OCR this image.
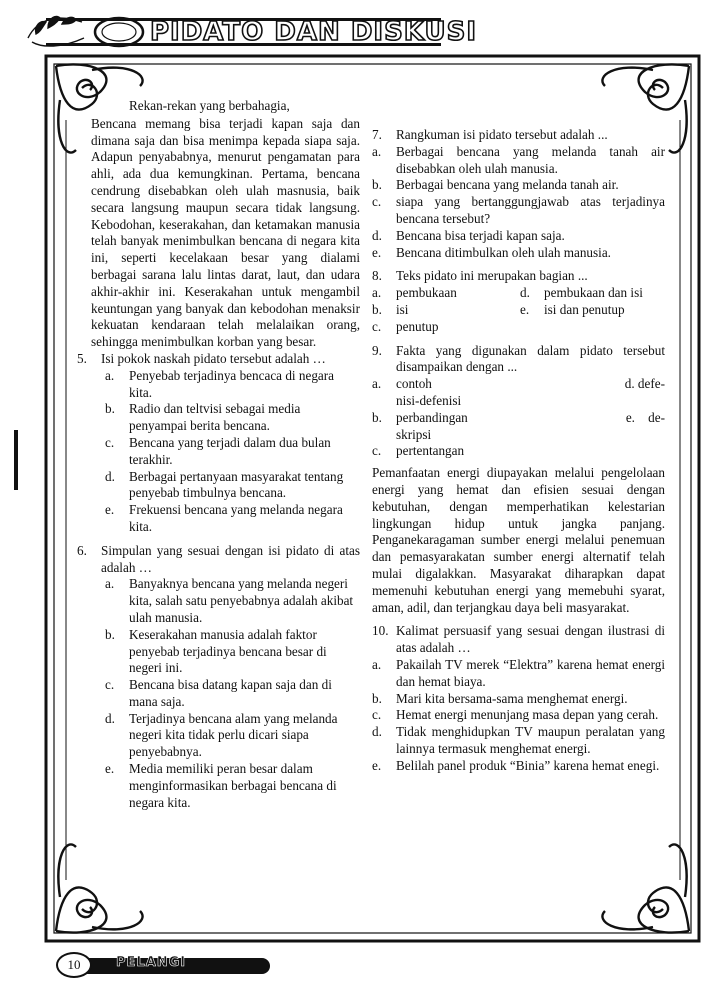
PIDATO DAN DISKUSI
Rekan-rekan yang berbahagia,
Bencana memang bisa terjadi kapan saja dan dimana saja dan bisa menimpa kepada siapa saja. Adapun penyababnya, menurut pengamatan para ahli, ada dua kemungkinan. Pertama, bencana cendrung disebabkan oleh ulah masnusia, baik secara langsung maupun secara tidak langsung. Kebodohan, keserakahan, dan ketamakan manusia telah banyak menimbulkan bencana di negara kita ini, seperti kecelakaan besar yang dialami berbagai sarana lalu lintas darat, laut, dan udara akhir-akhir ini. Keserakahan untuk mengambil keuntungan yang banyak dan kebodohan menaksir kekuatan kendaraan telah melalaikan orang, sehingga menimbulkan korban yang besar.
5. Isi pokok naskah pidato tersebut adalah …
a. Penyebab terjadinya bencaca di negara kita.
b. Radio dan teltvisi sebagai media penyampai berita bencana.
c. Bencana yang terjadi dalam dua bulan terakhir.
d. Berbagai pertanyaan masyarakat tentang penyebab timbulnya bencana.
e. Frekuensi bencana yang melanda negara kita.
6. Simpulan yang sesuai dengan isi pidato di atas adalah …
a. Banyaknya bencana yang melanda negeri kita, salah satu penyebabnya adalah akibat ulah manusia.
b. Keserakahan manusia adalah faktor penyebab terjadinya bencana besar di negeri ini.
c. Bencana bisa datang kapan saja dan di mana saja.
d. Terjadinya bencana alam yang melanda negeri kita tidak perlu dicari siapa penyebabnya.
e. Media memiliki peran besar dalam menginformasikan berbagai bencana di negara kita.
7. Rangkuman isi pidato tersebut adalah ...
a. Berbagai bencana yang melanda tanah air disebabkan oleh ulah manusia.
b. Berbagai bencana yang melanda tanah air.
c. siapa yang bertanggungjawab atas terjadinya bencana tersebut?
d. Bencana bisa terjadi kapan saja.
e. Bencana ditimbulkan oleh ulah manusia.
8. Teks pidato ini merupakan bagian ...
a. pembukaan	d. pembukaan dan isi
b. isi	e. isi dan penutup
c. penutup
9. Fakta yang digunakan dalam pidato tersebut disampaikan dengan ...
a. contoh	d. defe-
nisi-defenisi
b. perbandingan	e. de-
skripsi
c. pertentangan
Pemanfaatan energi diupayakan melalui pengelolaan energi yang hemat dan efisien sesuai dengan kebutuhan, dengan memperhatikan kelestarian lingkungan hidup untuk jangka panjang. Penganekaragaman sumber energi melalui penemuan dan pemasyarakatan sumber energi alternatif telah mulai digalakkan. Masyarakat diharapkan dapat memenuhi kebutuhan energi yang memebuhi syarat, aman, adil, dan terjangkau daya beli masyarakat.
10. Kalimat persuasif yang sesuai dengan ilustrasi di atas adalah …
a. Pakailah TV merek “Elektra” karena hemat energi dan hemat biaya.
b. Mari kita bersama-sama menghemat energi.
c. Hemat energi menunjang masa depan yang cerah.
d. Tidak menghidupkan TV maupun peralatan yang lainnya termasuk menghemat energi.
e. Belilah panel produk “Binia” karena hemat enegi.
10	PELANGI
